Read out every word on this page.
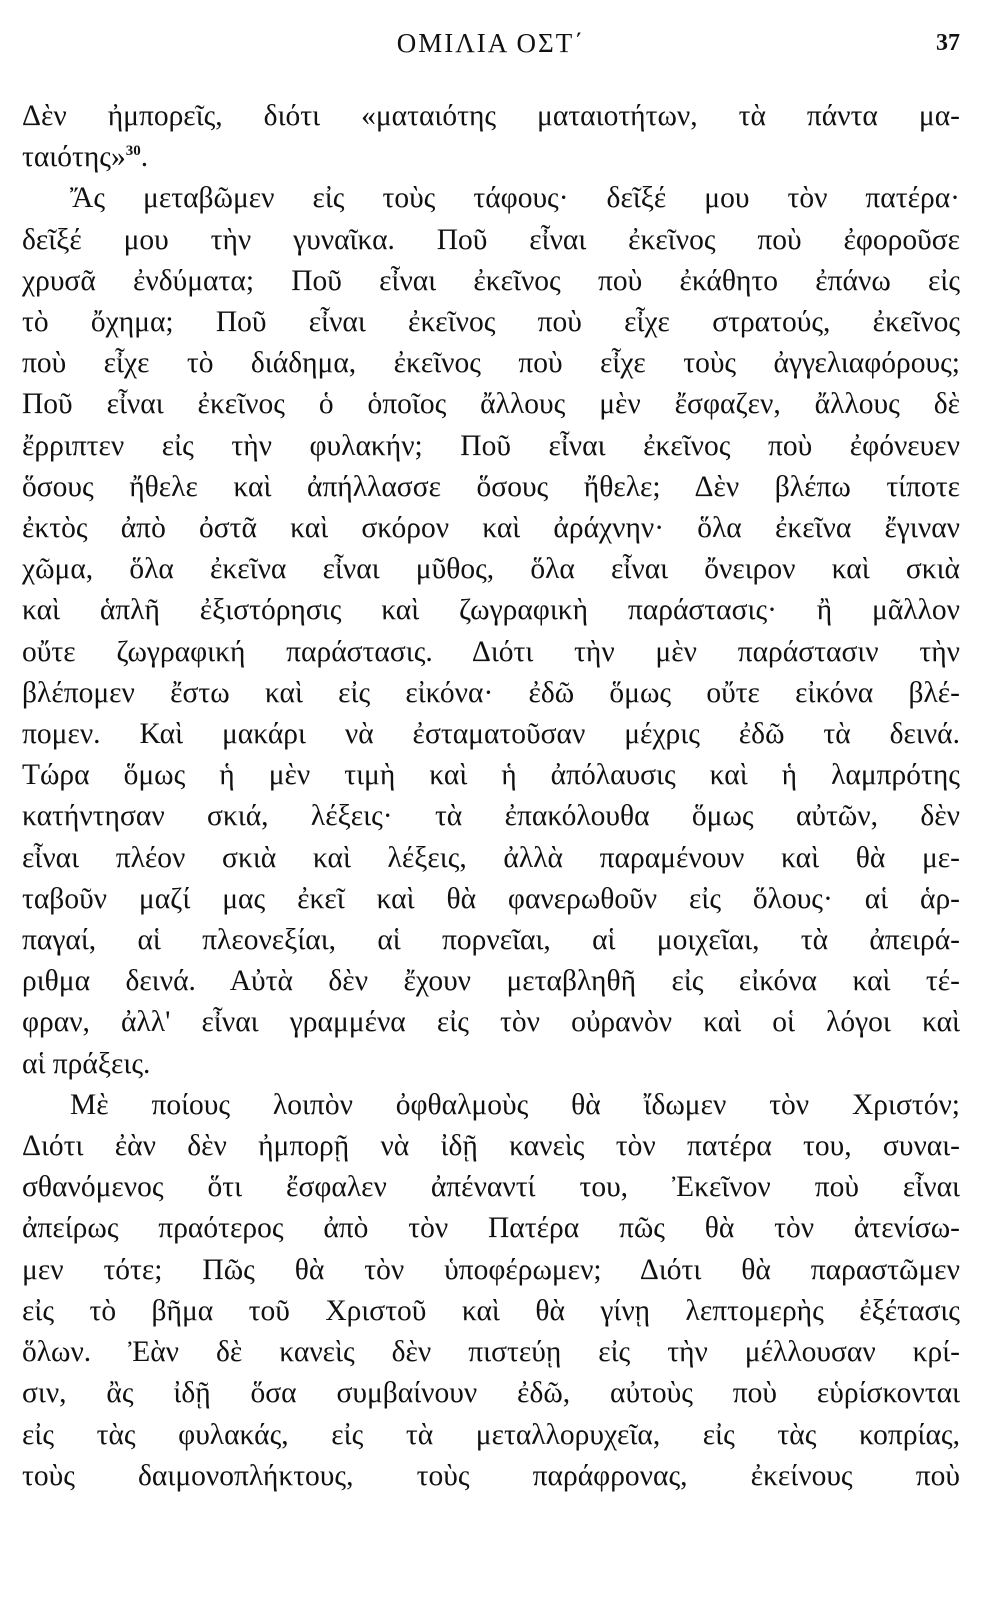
ΟΜΙΛΙΑ ΟΣΤ΄	37

Δὲν ἠμπορεῖς, διότι «ματαιότης ματαιοτήτων, τὰ πάντα μα-

ταιότης»$^{30}$.

Ἄς μεταβῶμεν εἰς τοὺς τάφους· δεῖξέ μου τὸν πατέρα·

δεῖξέ μου τὴν γυναῖκα. Ποῦ εἶναι ἐκεῖνος ποὺ ἐφοροῦσε

χρυσᾶ ἐνδύματα; Ποῦ εἶναι ἐκεῖνος ποὺ ἐκάθητο ἐπάνω εἰς

τὸ ὄχημα; Ποῦ εἶναι ἐκεῖνος ποὺ εἶχε στρατούς, ἐκεῖνος

ποὺ εἶχε τὸ διάδημα, ἐκεῖνος ποὺ εἶχε τοὺς ἀγγελιαφόρους;

Ποῦ εἶναι ἐκεῖνος ὁ ὁποῖος ἄλλους μὲν ἔσφαζεν, ἄλλους δὲ

ἔρριπτεν εἰς τὴν φυλακήν; Ποῦ εἶναι ἐκεῖνος ποὺ ἐφόνευεν

ὅσους ἤθελε καὶ ἀπήλλασσε ὅσους ἤθελε; Δὲν βλέπω τίποτε

ἐκτὸς ἀπὸ ὀστᾶ καὶ σκόρον καὶ ἀράχνην· ὅλα ἐκεῖνα ἔγιναν

χῶμα, ὅλα ἐκεῖνα εἶναι μῦθος, ὅλα εἶναι ὄνειρον καὶ σκιὰ

καὶ ἁπλῆ ἐξιστόρησις καὶ ζωγραφικὴ παράστασις· ἢ μᾶλλον

οὔτε ζωγραφική παράστασις. Διότι τὴν μὲν παράστασιν τὴν

βλέπομεν ἔστω καὶ εἰς εἰκόνα· ἐδῶ ὅμως οὔτε εἰκόνα βλέ-

πομεν. Καὶ μακάρι νὰ ἐσταματοῦσαν μέχρις ἐδῶ τὰ δεινά.

Τώρα ὅμως ἡ μὲν τιμὴ καὶ ἡ ἀπόλαυσις καὶ ἡ λαμπρότης

κατήντησαν σκιά, λέξεις· τὰ ἐπακόλουθα ὅμως αὐτῶν, δὲν

εἶναι πλέον σκιὰ καὶ λέξεις, ἀλλὰ παραμένουν καὶ θὰ με-

ταβοῦν μαζί μας ἐκεῖ καὶ θὰ φανερωθοῦν εἰς ὅλους· αἱ ἁρ-

παγαί, αἱ πλεονεξίαι, αἱ πορνεῖαι, αἱ μοιχεῖαι, τὰ ἀπειρά-

ριθμα δεινά. Αὐτὰ δὲν ἔχουν μεταβληθῆ εἰς εἰκόνα καὶ τέ-

φραν, ἀλλ' εἶναι γραμμένα εἰς τὸν οὐρανὸν καὶ οἱ λόγοι καὶ

αἱ πράξεις.

Μὲ ποίους λοιπὸν ὀφθαλμοὺς θὰ ἴδωμεν τὸν Χριστόν;

Διότι ἐὰν δὲν ἠμπορῇ νὰ ἰδῇ κανεὶς τὸν πατέρα του, συναι-

σθανόμενος ὅτι ἔσφαλεν ἀπέναντί του, Ἐκεῖνον ποὺ εἶναι

ἀπείρως πραότερος ἀπὸ τὸν Πατέρα πῶς θὰ τὸν ἀτενίσω-

μεν τότε; Πῶς θὰ τὸν ὑποφέρωμεν; Διότι θὰ παραστῶμεν

εἰς τὸ βῆμα τοῦ Χριστοῦ καὶ θὰ γίνῃ λεπτομερὴς ἐξέτασις

ὅλων. Ἐὰν δὲ κανεὶς δὲν πιστεύῃ εἰς τὴν μέλλουσαν κρί-

σιν, ἂς ἰδῇ ὅσα συμβαίνουν ἐδῶ, αὐτοὺς ποὺ εὑρίσκονται

εἰς τὰς φυλακάς, εἰς τὰ μεταλλορυχεῖα, εἰς τὰς κοπρίας,

τοὺς δαιμονοπλήκτους, τοὺς παράφρονας, ἐκείνους ποὺ
